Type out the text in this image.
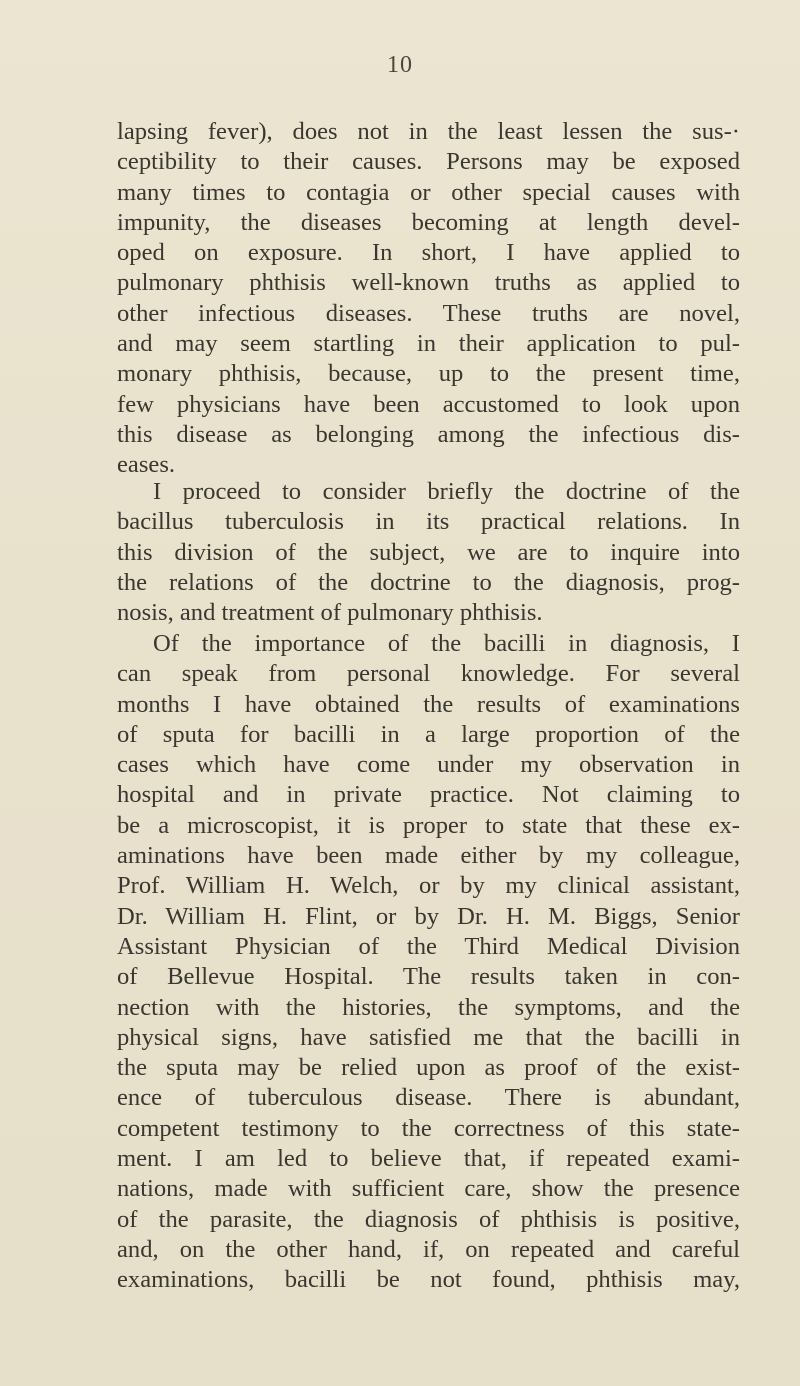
10
lapsing fever), does not in the least lessen the sus-·
ceptibility to their causes. Persons may be exposed
many times to contagia or other special causes with
impunity, the diseases becoming at length devel-
oped on exposure. In short, I have applied to
pulmonary phthisis well-known truths as applied to
other infectious diseases. These truths are novel,
and may seem startling in their application to pul-
monary phthisis, because, up to the present time,
few physicians have been accustomed to look upon
this disease as belonging among the infectious dis-
eases.
I proceed to consider briefly the doctrine of the
bacillus tuberculosis in its practical relations. In
this division of the subject, we are to inquire into
the relations of the doctrine to the diagnosis, prog-
nosis, and treatment of pulmonary phthisis.
Of the importance of the bacilli in diagnosis, I
can speak from personal knowledge. For several
months I have obtained the results of examinations
of sputa for bacilli in a large proportion of the
cases which have come under my observation in
hospital and in private practice. Not claiming to
be a microscopist, it is proper to state that these ex-
aminations have been made either by my colleague,
Prof. William H. Welch, or by my clinical assistant,
Dr. William H. Flint, or by Dr. H. M. Biggs, Senior
Assistant Physician of the Third Medical Division
of Bellevue Hospital. The results taken in con-
nection with the histories, the symptoms, and the
physical signs, have satisfied me that the bacilli in
the sputa may be relied upon as proof of the exist-
ence of tuberculous disease. There is abundant,
competent testimony to the correctness of this state-
ment. I am led to believe that, if repeated exami-
nations, made with sufficient care, show the presence
of the parasite, the diagnosis of phthisis is positive,
and, on the other hand, if, on repeated and careful
examinations, bacilli be not found, phthisis may,
